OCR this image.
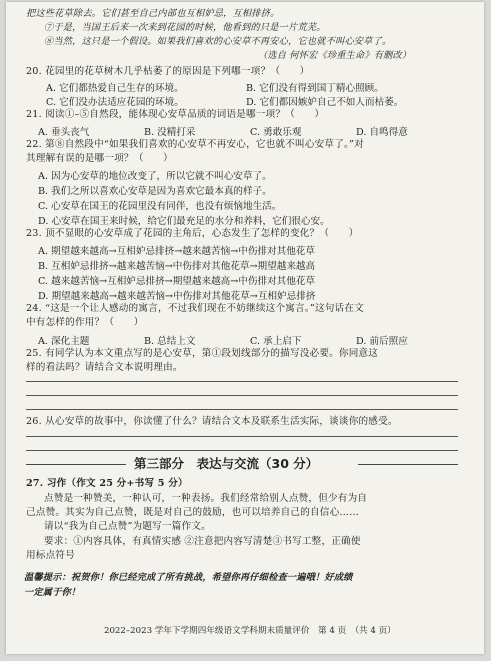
把这些花草除去。它们甚至自己内部也互相妒忌，互相排挤。
⑦于是，当国王后来一次来到花园的时候，他看到的只是一片荒芜。
⑧当然，这只是一个假设。如果我们喜欢的心安草不再安心，它也就不叫心安草了。
（选自 何怀宏《珍重生命》有删改）
20. 花园里的花草树木几乎枯萎了的原因是下列哪一项？（　　）
A. 它们都热爱自己生存的环境。	B. 它们没有得到国丁精心照顾。
C. 它们没办法适应花园的环境。	D. 它们都因嫉妒自己不如人而枯萎。
21. 阅读①–⑤自然段，能体现心安草品质的词语是哪一项？（　　）
A. 垂头丧气	B. 没精打采	C. 勇敢乐观	D. 自鸣得意
22. 第⑧自然段中“如果我们喜欢的心安草不再安心，它也就不叫心安草了。”对
其理解有误的是哪一项？（　　）
A. 因为心安草的地位改变了，所以它就不叫心安草了。
B. 我们之所以喜欢心安草是因为喜欢它最本真的样子。
C. 心安草在国王的花园里没有同伴，也没有烦恼地生活。
D. 心安草在国王来时候，给它们最充足的水分和养料，它们很心安。
23. 顶不显眼的心安草成了花园的主角后，心态发生了怎样的变化？（　　）
A. 期望越来越高→互相妒忌排挤→越来越苦恼→中伤排对其他花草
B. 互相妒忌排挤→越来越苦恼→中伤排对其他花草→期望越来越高
C. 越来越苦恼→互相妒忌排挤→期望越来越高→中伤排对其他花草
D. 期望越来越高→越来越苦恼→中伤排对其他花草→互相妒忌排挤
24. “这是一个让人感动的寓言，不过我们现在不妨继续这个寓言。”这句话在文
中有怎样的作用？（　　）
A. 深化主题	B. 总结上文	C. 承上启下	D. 前后照应
25. 有同学认为本文重点写的是心安草，第①段划线部分的描写没必要。你同意这
样的看法吗？请结合文本说明理由。
26. 从心安草的故事中，你读懂了什么？请结合文本及联系生活实际，谈谈你的感受。
第三部分　表达与交流（30 分）
27. 习作（作文 25 分+书写 5 分）
点赞是一种赞美，一种认可，一种表扬。我们经常给别人点赞，但少有为自
己点赞。其实为自己点赞，既是对自己的鼓励，也可以培养自己的自信心……
请以“我为自己点赞”为题写一篇作文。
要求：①内容具体，有真情实感 ②注意把内容写清楚③书写工整，正确使
用标点符号
温馨提示：祝贺你！你已经完成了所有挑战，希望你再仔细检查一遍哦！好成绩
一定属于你！
2022–2023 学年下学期四年级语文学科期末质量评价　第 4 页　（共 4 页）
